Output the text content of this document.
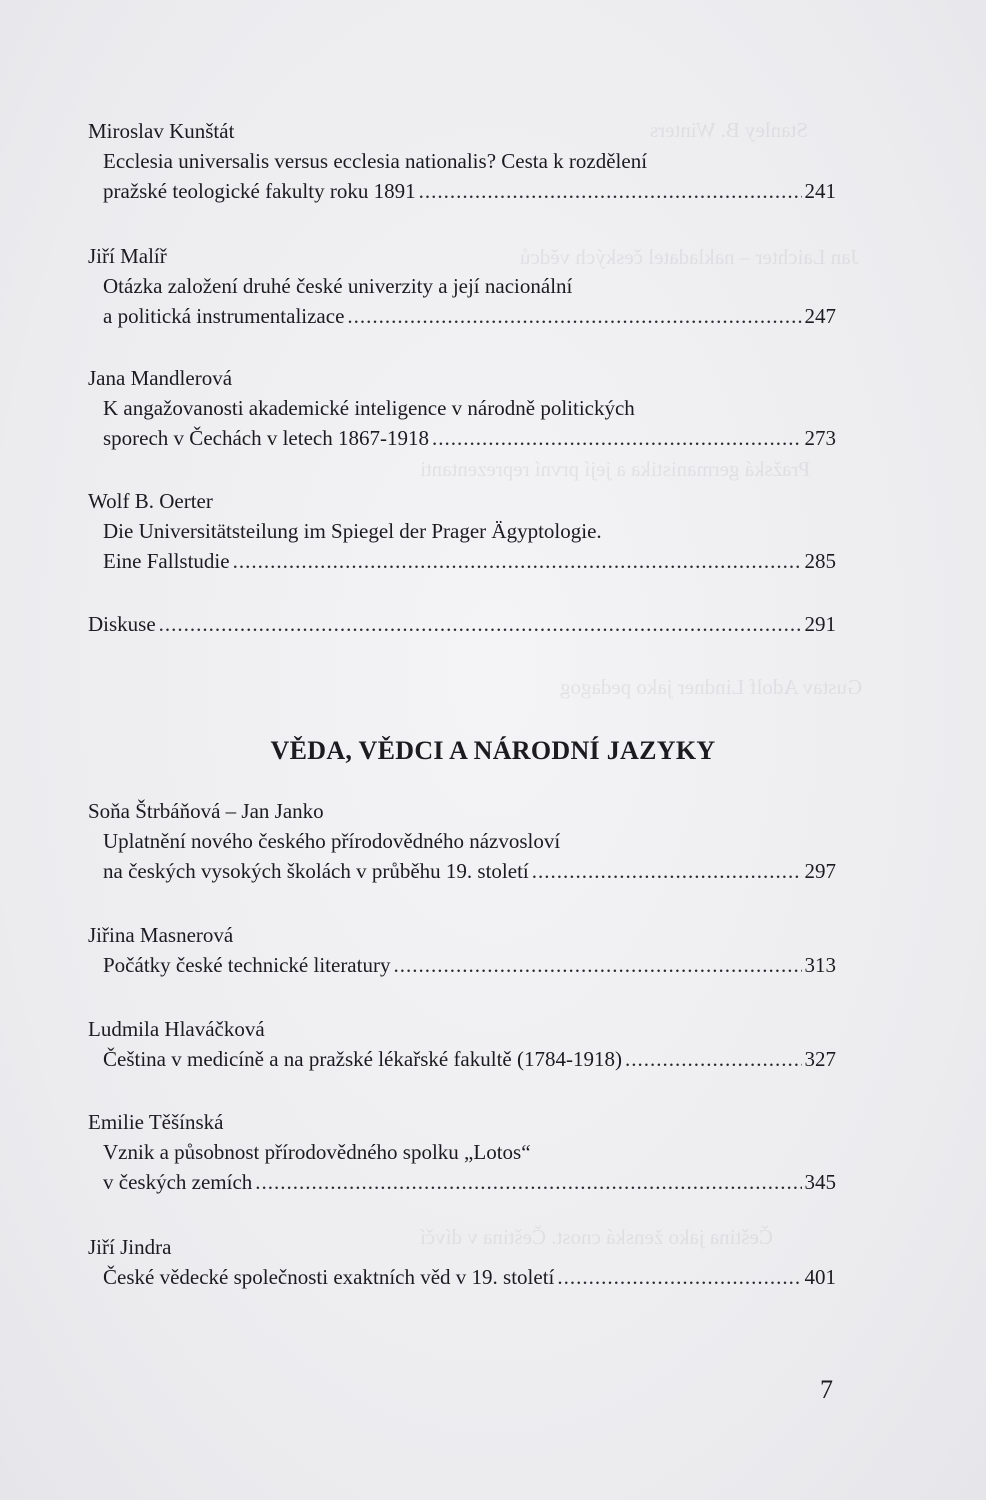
Stanley B. Winters
Jan Laichter – nakladatel českých vědců
Pražská germanistika a její první reprezentanti
Gustav Adolf Lindner jako pedagog
Čeština jako ženská cnost. Čeština v dívčí
Miroslav Kunštát
Ecclesia universalis versus ecclesia nationalis? Cesta k rozdělení
pražské teologické fakulty roku 1891 .....	241
Jiří Malíř
Otázka založení druhé české univerzity a její nacionální
a politická instrumentalizace .....	247
Jana Mandlerová
K angažovanosti akademické inteligence v národně politických
sporech v Čechách v letech 1867-1918 .....	273
Wolf B. Oerter
Die Universitätsteilung im Spiegel der Prager Ägyptologie.
Eine Fallstudie .....	285
Diskuse .....	291
VĚDA, VĚDCI A NÁRODNÍ JAZYKY
Soňa Štrbáňová – Jan Janko
Uplatnění nového českého přírodovědného názvosloví
na českých vysokých školách v průběhu 19. století .....	297
Jiřina Masnerová
Počátky české technické literatury .....	313
Ludmila Hlaváčková
Čeština v medicíně a na pražské lékařské fakultě (1784-1918) .....	327
Emilie Těšínská
Vznik a působnost přírodovědného spolku „Lotos“
v českých zemích .....	345
Jiří Jindra
České vědecké společnosti exaktních věd v 19. století .....	401
7
